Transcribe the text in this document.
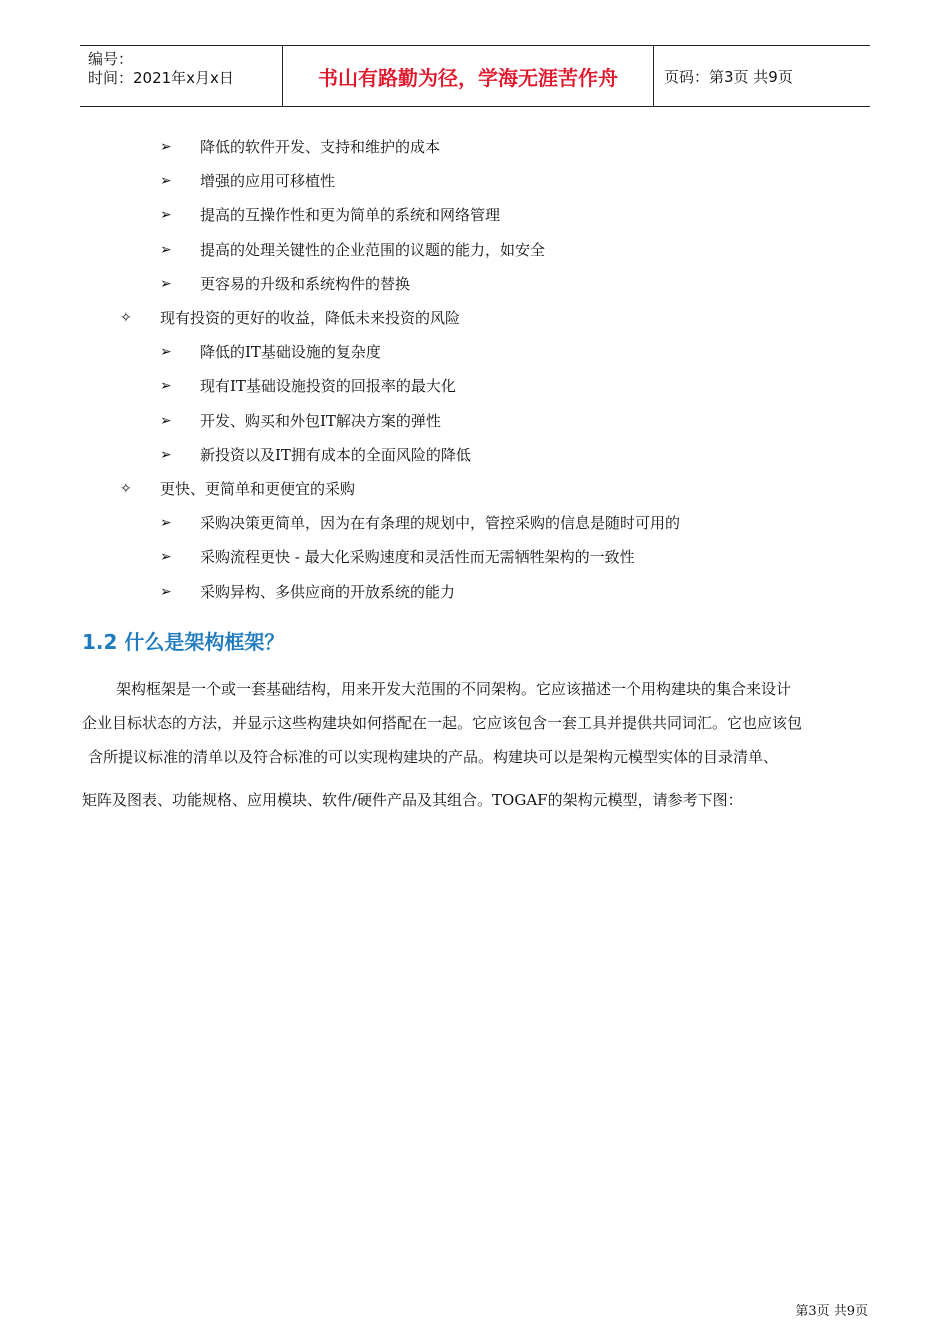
编号：
时间：2021年x月x日	书山有路勤为径，学海无涯苦作舟	页码：第3页 共9页
➢	降低的软件开发、支持和维护的成本
➢	增强的应用可移植性
➢	提高的互操作性和更为简单的系统和网络管理
➢	提高的处理关键性的企业范围的议题的能力，如安全
➢	更容易的升级和系统构件的替换
✧	现有投资的更好的收益，降低未来投资的风险
➢	降低的IT基础设施的复杂度
➢	现有IT基础设施投资的回报率的最大化
➢	开发、购买和外包IT解决方案的弹性
➢	新投资以及IT拥有成本的全面风险的降低
✧	更快、更简单和更便宜的采购
➢	采购决策更简单，因为在有条理的规划中，管控采购的信息是随时可用的
➢	采购流程更快 - 最大化采购速度和灵活性而无需牺牲架构的一致性
➢	采购异构、多供应商的开放系统的能力
1.2 什么是架构框架？
架构框架是一个或一套基础结构，用来开发大范围的不同架构。它应该描述一个用构建块的集合来设计
企业目标状态的方法，并显示这些构建块如何搭配在一起。它应该包含一套工具并提供共同词汇。它也应该包
含所提议标准的清单以及符合标准的可以实现构建块的产品。构建块可以是架构元模型实体的目录清单、
矩阵及图表、功能规格、应用模块、软件/硬件产品及其组合。TOGAF的架构元模型，请参考下图：
第3页 共9页
